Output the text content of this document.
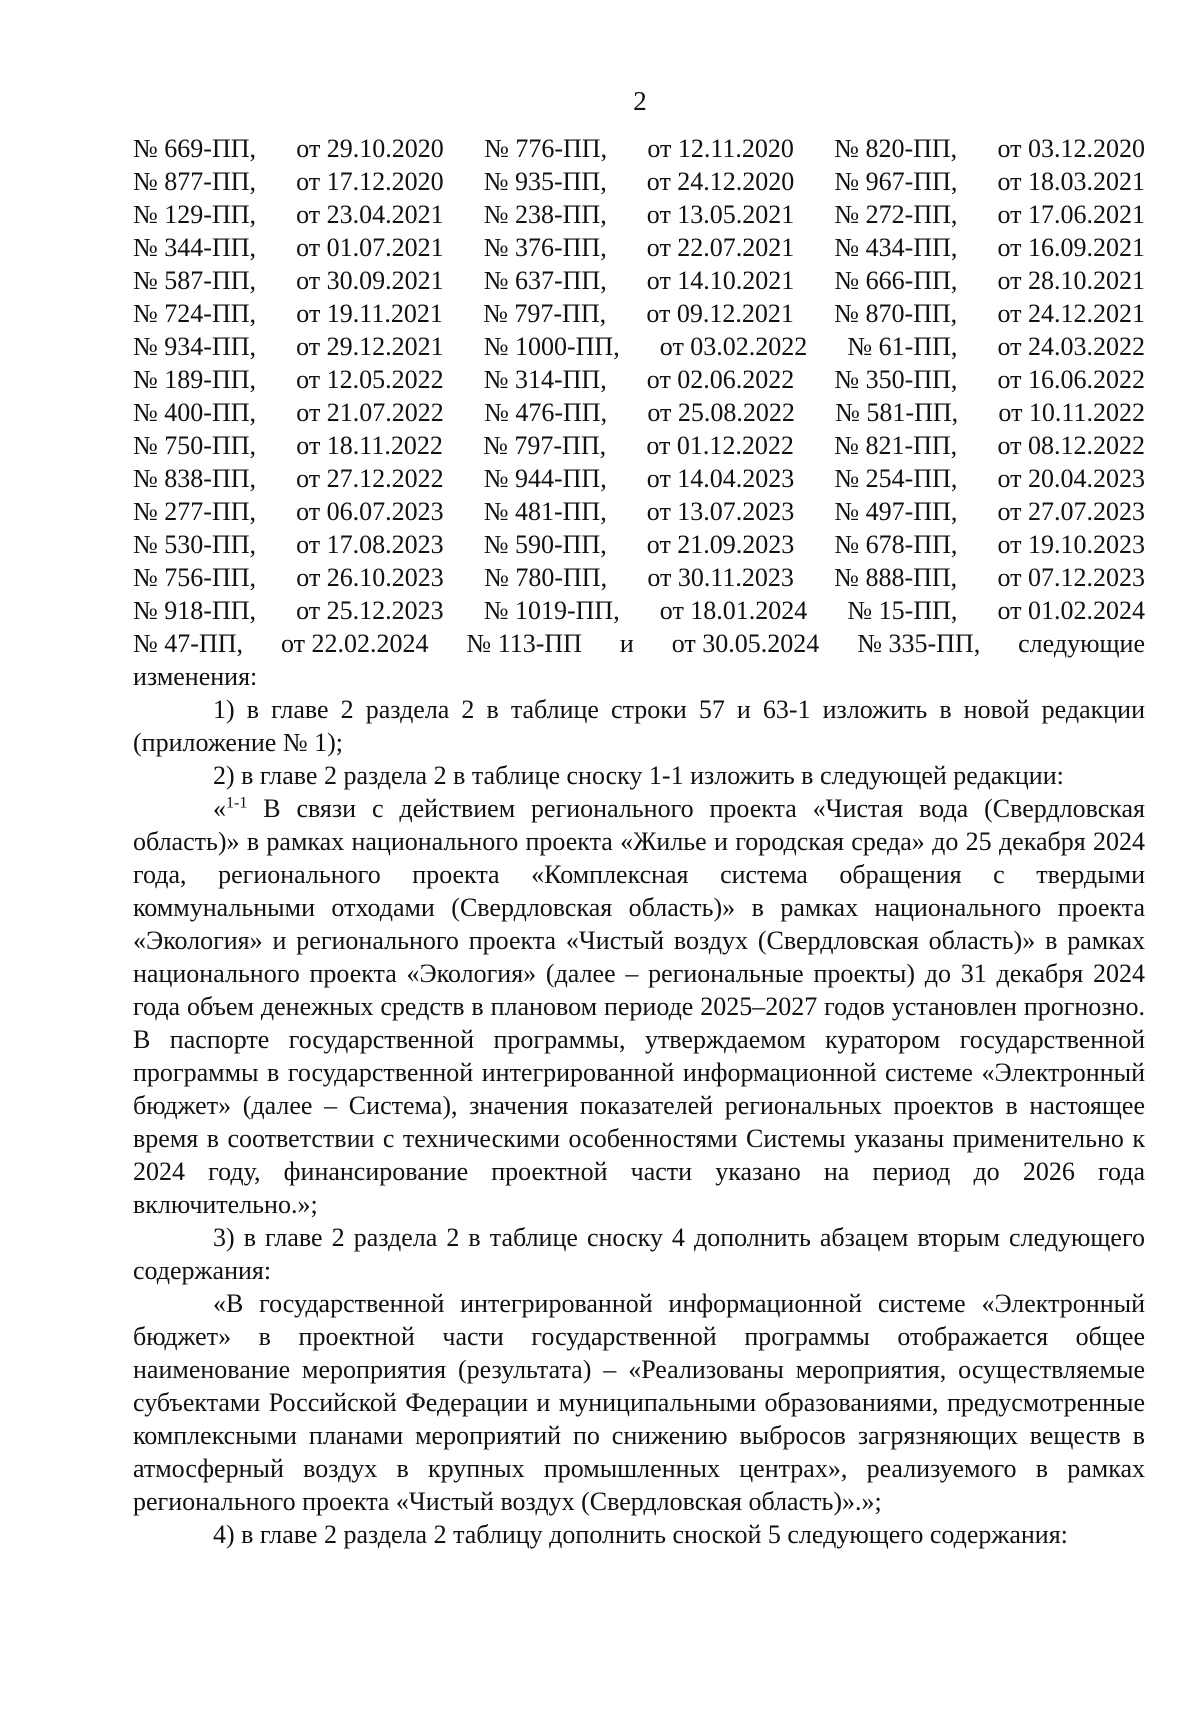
2
№ 669-ПП, от 29.10.2020 № 776-ПП, от 12.11.2020 № 820-ПП, от 03.12.2020
№ 877-ПП, от 17.12.2020 № 935-ПП, от 24.12.2020 № 967-ПП, от 18.03.2021
№ 129-ПП, от 23.04.2021 № 238-ПП, от 13.05.2021 № 272-ПП, от 17.06.2021
№ 344-ПП, от 01.07.2021 № 376-ПП, от 22.07.2021 № 434-ПП, от 16.09.2021
№ 587-ПП, от 30.09.2021 № 637-ПП, от 14.10.2021 № 666-ПП, от 28.10.2021
№ 724-ПП, от 19.11.2021 № 797-ПП, от 09.12.2021 № 870-ПП, от 24.12.2021
№ 934-ПП, от 29.12.2021 № 1000-ПП, от 03.02.2022 № 61-ПП, от 24.03.2022
№ 189-ПП, от 12.05.2022 № 314-ПП, от 02.06.2022 № 350-ПП, от 16.06.2022
№ 400-ПП, от 21.07.2022 № 476-ПП, от 25.08.2022 № 581-ПП, от 10.11.2022
№ 750-ПП, от 18.11.2022 № 797-ПП, от 01.12.2022 № 821-ПП, от 08.12.2022
№ 838-ПП, от 27.12.2022 № 944-ПП, от 14.04.2023 № 254-ПП, от 20.04.2023
№ 277-ПП, от 06.07.2023 № 481-ПП, от 13.07.2023 № 497-ПП, от 27.07.2023
№ 530-ПП, от 17.08.2023 № 590-ПП, от 21.09.2023 № 678-ПП, от 19.10.2023
№ 756-ПП, от 26.10.2023 № 780-ПП, от 30.11.2023 № 888-ПП, от 07.12.2023
№ 918-ПП, от 25.12.2023 № 1019-ПП, от 18.01.2024 № 15-ПП, от 01.02.2024
№ 47-ПП, от 22.02.2024 № 113-ПП и от 30.05.2024 № 335-ПП, следующие

изменения:

1) в главе 2 раздела 2 в таблице строки 57 и 63-1 изложить в новой редакции (приложение № 1);

2) в главе 2 раздела 2 в таблице сноску 1-1 изложить в следующей редакции:

«$^{1-1}$ В связи с действием регионального проекта «Чистая вода (Свердловская область)» в рамках национального проекта «Жилье и городская среда» до 25 декабря 2024 года, регионального проекта «Комплексная система обращения с твердыми коммунальными отходами (Свердловская область)» в рамках национального проекта «Экология» и регионального проекта «Чистый воздух (Свердловская область)» в рамках национального проекта «Экология» (далее – региональные проекты) до 31 декабря 2024 года объем денежных средств в плановом периоде 2025–2027 годов установлен прогнозно. В паспорте государственной программы, утверждаемом куратором государственной программы в государственной интегрированной информационной системе «Электронный бюджет» (далее – Система), значения показателей региональных проектов в настоящее время в соответствии с техническими особенностями Системы указаны применительно к 2024 году, финансирование проектной части указано на период до 2026 года включительно.»;

3) в главе 2 раздела 2 в таблице сноску 4 дополнить абзацем вторым следующего содержания:

«В государственной интегрированной информационной системе «Электронный бюджет» в проектной части государственной программы отображается общее наименование мероприятия (результата) – «Реализованы мероприятия, осуществляемые субъектами Российской Федерации и муниципальными образованиями, предусмотренные комплексными планами мероприятий по снижению выбросов загрязняющих веществ в атмосферный воздух в крупных промышленных центрах», реализуемого в рамках регионального проекта «Чистый воздух (Свердловская область)».»;

4) в главе 2 раздела 2 таблицу дополнить сноской 5 следующего содержания:
